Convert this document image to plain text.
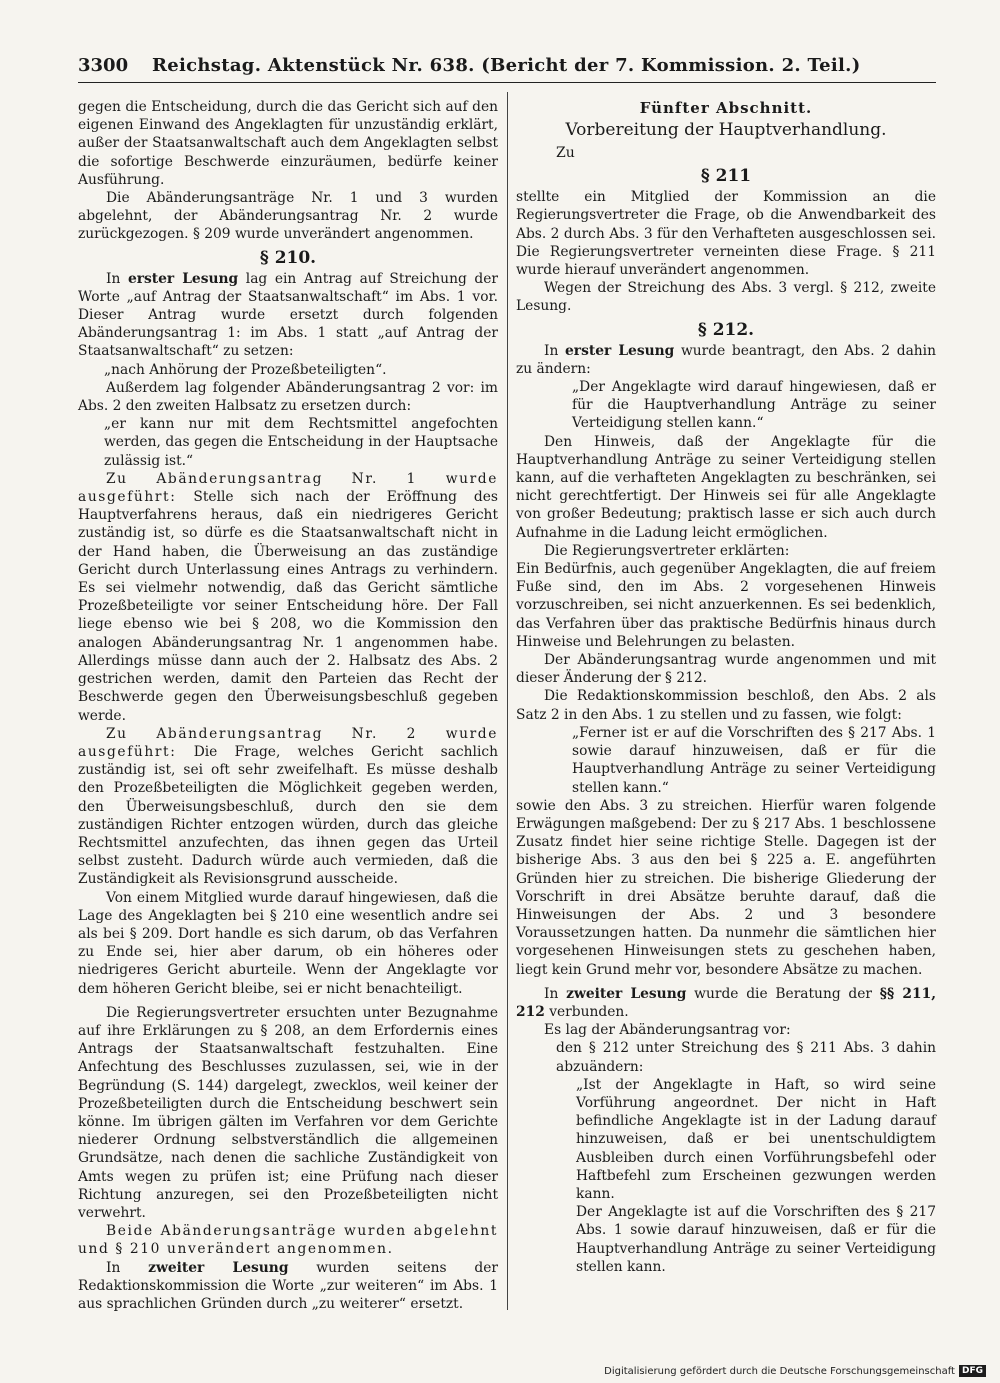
3300	Reichstag. Aktenstück Nr. 638. (Bericht der 7. Kommission. 2. Teil.)

gegen die Entscheidung, durch die das Gericht sich auf den eigenen Einwand des Angeklagten für unzuständig erklärt, außer der Staatsanwaltschaft auch dem Angeklagten selbst die sofortige Beschwerde einzuräumen, bedürfe keiner Ausführung.

Die Abänderungsanträge Nr. 1 und 3 wurden abgelehnt, der Abänderungsantrag Nr. 2 wurde zurückgezogen. § 209 wurde unverändert angenommen.

§ 210.

In erster Lesung lag ein Antrag auf Streichung der Worte „auf Antrag der Staatsanwaltschaft“ im Abs. 1 vor. Dieser Antrag wurde ersetzt durch folgenden Abänderungsantrag 1: im Abs. 1 statt „auf Antrag der Staatsanwaltschaft“ zu setzen:

„nach Anhörung der Prozeßbeteiligten“.

Außerdem lag folgender Abänderungsantrag 2 vor: im Abs. 2 den zweiten Halbsatz zu ersetzen durch:

„er kann nur mit dem Rechtsmittel angefochten werden, das gegen die Entscheidung in der Hauptsache zulässig ist.“

Zu Abänderungsantrag Nr. 1 wurde ausgeführt: Stelle sich nach der Eröffnung des Hauptverfahrens heraus, daß ein niedrigeres Gericht zuständig ist, so dürfe es die Staatsanwaltschaft nicht in der Hand haben, die Überweisung an das zuständige Gericht durch Unterlassung eines Antrags zu verhindern. Es sei vielmehr notwendig, daß das Gericht sämtliche Prozeßbeteiligte vor seiner Entscheidung höre. Der Fall liege ebenso wie bei § 208, wo die Kommission den analogen Abänderungsantrag Nr. 1 angenommen habe. Allerdings müsse dann auch der 2. Halbsatz des Abs. 2 gestrichen werden, damit den Parteien das Recht der Beschwerde gegen den Überweisungsbeschluß gegeben werde.

Zu Abänderungsantrag Nr. 2 wurde ausgeführt: Die Frage, welches Gericht sachlich zuständig ist, sei oft sehr zweifelhaft. Es müsse deshalb den Prozeßbeteiligten die Möglichkeit gegeben werden, den Überweisungsbeschluß, durch den sie dem zuständigen Richter entzogen würden, durch das gleiche Rechtsmittel anzufechten, das ihnen gegen das Urteil selbst zusteht. Dadurch würde auch vermieden, daß die Zuständigkeit als Revisionsgrund ausscheide.

Von einem Mitglied wurde darauf hingewiesen, daß die Lage des Angeklagten bei § 210 eine wesentlich andre sei als bei § 209. Dort handle es sich darum, ob das Verfahren zu Ende sei, hier aber darum, ob ein höheres oder niedrigeres Gericht aburteile. Wenn der Angeklagte vor dem höheren Gericht bleibe, sei er nicht benachteiligt.

Die Regierungsvertreter ersuchten unter Bezugnahme auf ihre Erklärungen zu § 208, an dem Erfordernis eines Antrags der Staatsanwaltschaft festzuhalten. Eine Anfechtung des Beschlusses zuzulassen, sei, wie in der Begründung (S. 144) dargelegt, zwecklos, weil keiner der Prozeßbeteiligten durch die Entscheidung beschwert sein könne. Im übrigen gälten im Verfahren vor dem Gerichte niederer Ordnung selbstverständlich die allgemeinen Grundsätze, nach denen die sachliche Zuständigkeit von Amts wegen zu prüfen ist; eine Prüfung nach dieser Richtung anzuregen, sei den Prozeßbeteiligten nicht verwehrt.

Beide Abänderungsanträge wurden abgelehnt und § 210 unverändert angenommen.

In zweiter Lesung wurden seitens der Redaktionskommission die Worte „zur weiteren“ im Abs. 1 aus sprachlichen Gründen durch „zu weiterer“ ersetzt.

Fünfter Abschnitt.
Vorbereitung der Hauptverhandlung.
Zu
§ 211

stellte ein Mitglied der Kommission an die Regierungsvertreter die Frage, ob die Anwendbarkeit des Abs. 2 durch Abs. 3 für den Verhafteten ausgeschlossen sei. Die Regierungsvertreter verneinten diese Frage. § 211 wurde hierauf unverändert angenommen.

Wegen der Streichung des Abs. 3 vergl. § 212, zweite Lesung.

§ 212.

In erster Lesung wurde beantragt, den Abs. 2 dahin zu ändern:

„Der Angeklagte wird darauf hingewiesen, daß er für die Hauptverhandlung Anträge zu seiner Verteidigung stellen kann.“

Den Hinweis, daß der Angeklagte für die Hauptverhandlung Anträge zu seiner Verteidigung stellen kann, auf die verhafteten Angeklagten zu beschränken, sei nicht gerechtfertigt. Der Hinweis sei für alle Angeklagte von großer Bedeutung; praktisch lasse er sich auch durch Aufnahme in die Ladung leicht ermöglichen.

Die Regierungsvertreter erklärten:

Ein Bedürfnis, auch gegenüber Angeklagten, die auf freiem Fuße sind, den im Abs. 2 vorgesehenen Hinweis vorzuschreiben, sei nicht anzuerkennen. Es sei bedenklich, das Verfahren über das praktische Bedürfnis hinaus durch Hinweise und Belehrungen zu belasten.

Der Abänderungsantrag wurde angenommen und mit dieser Änderung der § 212.

Die Redaktionskommission beschloß, den Abs. 2 als Satz 2 in den Abs. 1 zu stellen und zu fassen, wie folgt:

„Ferner ist er auf die Vorschriften des § 217 Abs. 1 sowie darauf hinzuweisen, daß er für die Hauptverhandlung Anträge zu seiner Verteidigung stellen kann.“

sowie den Abs. 3 zu streichen. Hierfür waren folgende Erwägungen maßgebend: Der zu § 217 Abs. 1 beschlossene Zusatz findet hier seine richtige Stelle. Dagegen ist der bisherige Abs. 3 aus den bei § 225 a. E. angeführten Gründen hier zu streichen. Die bisherige Gliederung der Vorschrift in drei Absätze beruhte darauf, daß die Hinweisungen der Abs. 2 und 3 besondere Voraussetzungen hatten. Da nunmehr die sämtlichen hier vorgesehenen Hinweisungen stets zu geschehen haben, liegt kein Grund mehr vor, besondere Absätze zu machen.

In zweiter Lesung wurde die Beratung der §§ 211, 212 verbunden.

Es lag der Abänderungsantrag vor:

den § 212 unter Streichung des § 211 Abs. 3 dahin abzuändern:

„Ist der Angeklagte in Haft, so wird seine Vorführung angeordnet. Der nicht in Haft befindliche Angeklagte ist in der Ladung darauf hinzuweisen, daß er bei unentschuldigtem Ausbleiben durch einen Vorführungsbefehl oder Haftbefehl zum Erscheinen gezwungen werden kann.

Der Angeklagte ist auf die Vorschriften des § 217 Abs. 1 sowie darauf hinzuweisen, daß er für die Hauptverhandlung Anträge zu seiner Verteidigung stellen kann.

Digitalisierung gefördert durch die Deutsche Forschungsgemeinschaft DFG
